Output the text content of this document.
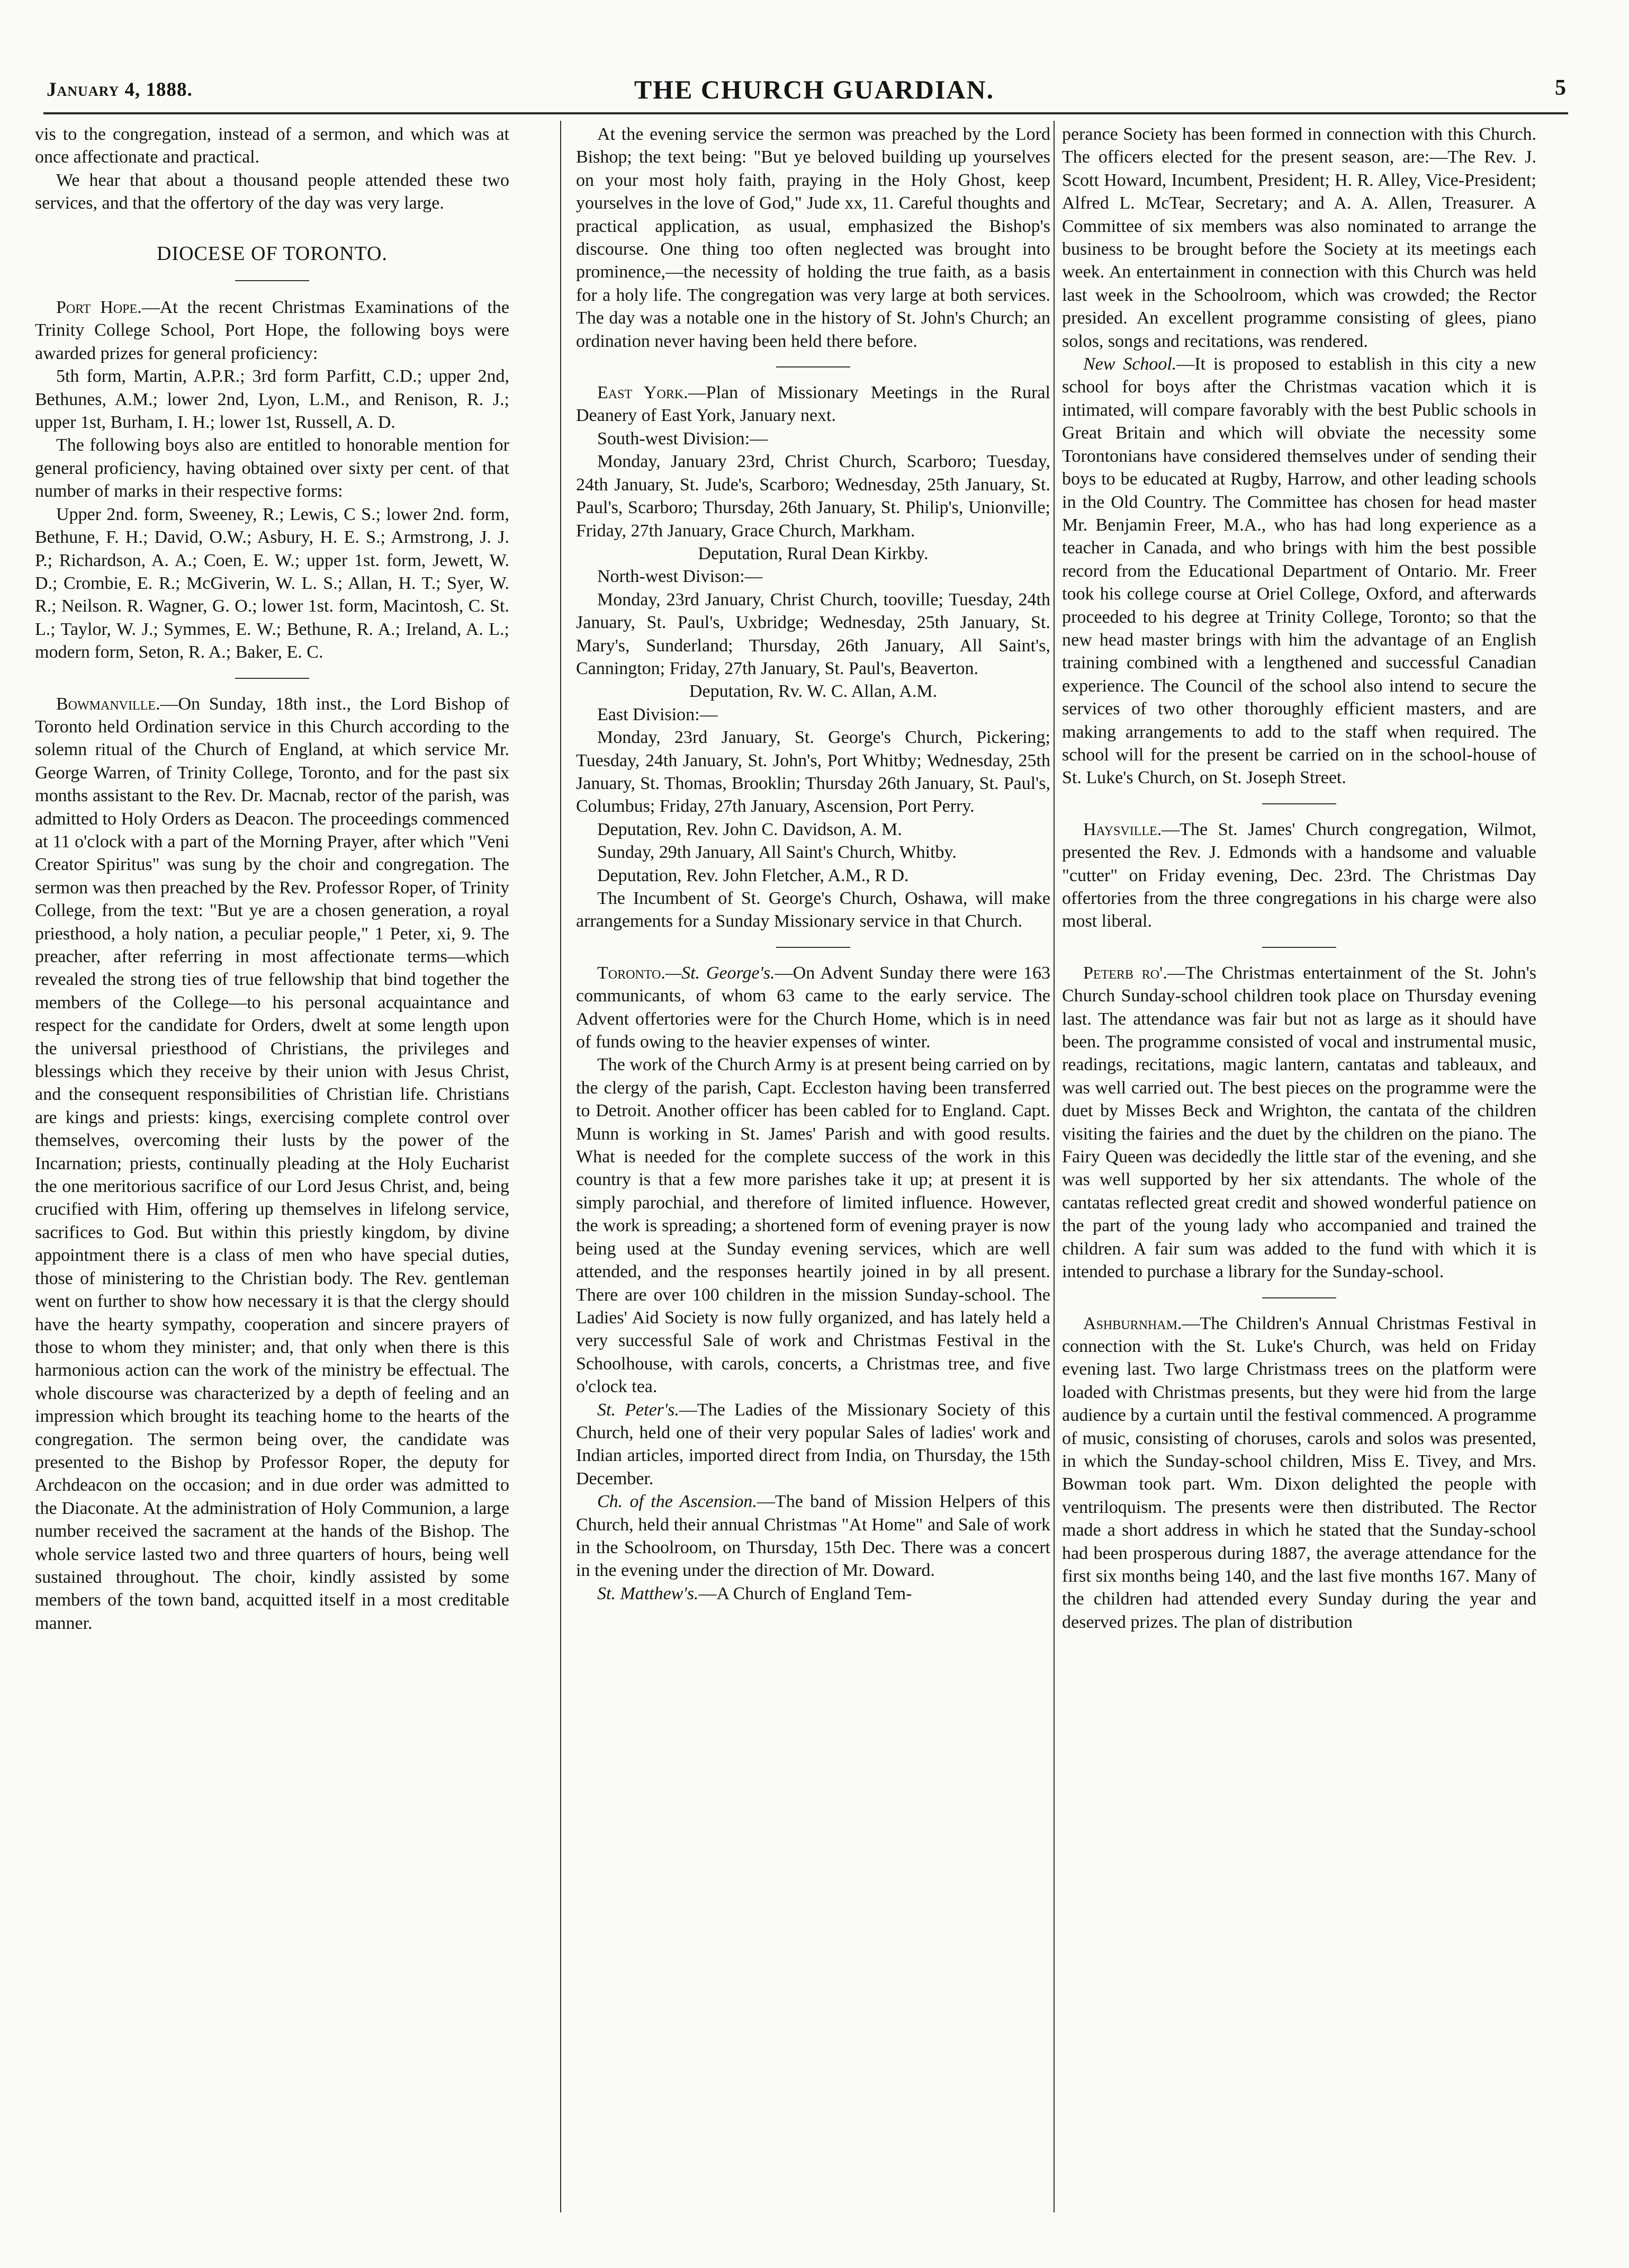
January 4, 1888.	THE CHURCH GUARDIAN.	5

vis to the congregation, instead of a sermon, and which was at once affectionate and practical.

We hear that about a thousand people attended these two services, and that the offertory of the day was very large.

DIOCESE OF TORONTO.

Port Hope.—At the recent Christmas Examinations of the Trinity College School, Port Hope, the following boys were awarded prizes for general proficiency:

5th form, Martin, A.P.R.; 3rd form Parfitt, C.D.; upper 2nd, Bethunes, A.M.; lower 2nd, Lyon, L.M., and Renison, R. J.; upper 1st, Burham, I. H.; lower 1st, Russell, A. D.

The following boys also are entitled to honorable mention for general proficiency, having obtained over sixty per cent. of that number of marks in their respective forms:

Upper 2nd. form, Sweeney, R.; Lewis, C S.; lower 2nd. form, Bethune, F. H.; David, O.W.; Asbury, H. E. S.; Armstrong, J. J. P.; Richardson, A. A.; Coen, E. W.; upper 1st. form, Jewett, W. D.; Crombie, E. R.; McGiverin, W. L. S.; Allan, H. T.; Syer, W. R.; Neilson. R. Wagner, G. O.; lower 1st. form, Macintosh, C. St. L.; Taylor, W. J.; Symmes, E. W.; Bethune, R. A.; Ireland, A. L.; modern form, Seton, R. A.; Baker, E. C.

Bowmanville.—On Sunday, 18th inst., the Lord Bishop of Toronto held Ordination service in this Church according to the solemn ritual of the Church of England, at which service Mr. George Warren, of Trinity College, Toronto, and for the past six months assistant to the Rev. Dr. Macnab, rector of the parish, was admitted to Holy Orders as Deacon. The proceedings commenced at 11 o'clock with a part of the Morning Prayer, after which "Veni Creator Spiritus" was sung by the choir and congregation. The sermon was then preached by the Rev. Professor Roper, of Trinity College, from the text: "But ye are a chosen generation, a royal priesthood, a holy nation, a peculiar people," 1 Peter, xi, 9. The preacher, after referring in most affectionate terms—which revealed the strong ties of true fellowship that bind together the members of the College—to his personal acquaintance and respect for the candidate for Orders, dwelt at some length upon the universal priesthood of Christians, the privileges and blessings which they receive by their union with Jesus Christ, and the consequent responsibilities of Christian life. Christians are kings and priests: kings, exercising complete control over themselves, overcoming their lusts by the power of the Incarnation; priests, continually pleading at the Holy Eucharist the one meritorious sacrifice of our Lord Jesus Christ, and, being crucified with Him, offering up themselves in lifelong service, sacrifices to God. But within this priestly kingdom, by divine appointment there is a class of men who have special duties, those of ministering to the Christian body. The Rev. gentleman went on further to show how necessary it is that the clergy should have the hearty sympathy, cooperation and sincere prayers of those to whom they minister; and, that only when there is this harmonious action can the work of the ministry be effectual. The whole discourse was characterized by a depth of feeling and an impression which brought its teaching home to the hearts of the congregation. The sermon being over, the candidate was presented to the Bishop by Professor Roper, the deputy for Archdeacon on the occasion; and in due order was admitted to the Diaconate. At the administration of Holy Communion, a large number received the sacrament at the hands of the Bishop. The whole service lasted two and three quarters of hours, being well sustained throughout. The choir, kindly assisted by some members of the town band, acquitted itself in a most creditable manner.

At the evening service the sermon was preached by the Lord Bishop; the text being: "But ye beloved building up yourselves on your most holy faith, praying in the Holy Ghost, keep yourselves in the love of God," Jude xx, 11. Careful thoughts and practical application, as usual, emphasized the Bishop's discourse. One thing too often neglected was brought into prominence,—the necessity of holding the true faith, as a basis for a holy life. The congregation was very large at both services. The day was a notable one in the history of St. John's Church; an ordination never having been held there before.

East York.—Plan of Missionary Meetings in the Rural Deanery of East York, January next.

South-west Division:—

Monday, January 23rd, Christ Church, Scarboro; Tuesday, 24th January, St. Jude's, Scarboro; Wednesday, 25th January, St. Paul's, Scarboro; Thursday, 26th January, St. Philip's, Unionville; Friday, 27th January, Grace Church, Markham.

Deputation, Rural Dean Kirkby.

North-west Divison:—

Monday, 23rd January, Christ Church, tooville; Tuesday, 24th January, St. Paul's, Uxbridge; Wednesday, 25th January, St. Mary's, Sunderland; Thursday, 26th January, All Saint's, Cannington; Friday, 27th January, St. Paul's, Beaverton.

Deputation, Rv. W. C. Allan, A.M.

East Division:—

Monday, 23rd January, St. George's Church, Pickering; Tuesday, 24th January, St. John's, Port Whitby; Wednesday, 25th January, St. Thomas, Brooklin; Thursday 26th January, St. Paul's, Columbus; Friday, 27th January, Ascension, Port Perry.

Deputation, Rev. John C. Davidson, A. M.

Sunday, 29th January, All Saint's Church, Whitby.

Deputation, Rev. John Fletcher, A.M., R D.

The Incumbent of St. George's Church, Oshawa, will make arrangements for a Sunday Missionary service in that Church.

Toronto.—St. George's.—On Advent Sunday there were 163 communicants, of whom 63 came to the early service. The Advent offertories were for the Church Home, which is in need of funds owing to the heavier expenses of winter.

The work of the Church Army is at present being carried on by the clergy of the parish, Capt. Eccleston having been transferred to Detroit. Another officer has been cabled for to England. Capt. Munn is working in St. James' Parish and with good results. What is needed for the complete success of the work in this country is that a few more parishes take it up; at present it is simply parochial, and therefore of limited influence. However, the work is spreading; a shortened form of evening prayer is now being used at the Sunday evening services, which are well attended, and the responses heartily joined in by all present. There are over 100 children in the mission Sunday-school. The Ladies' Aid Society is now fully organized, and has lately held a very successful Sale of work and Christmas Festival in the Schoolhouse, with carols, concerts, a Christmas tree, and five o'clock tea.

St. Peter's.—The Ladies of the Missionary Society of this Church, held one of their very popular Sales of ladies' work and Indian articles, imported direct from India, on Thursday, the 15th December.

Ch. of the Ascension.—The band of Mission Helpers of this Church, held their annual Christmas "At Home" and Sale of work in the Schoolroom, on Thursday, 15th Dec. There was a concert in the evening under the direction of Mr. Doward.

St. Matthew's.—A Church of England Tem-

perance Society has been formed in connection with this Church. The officers elected for the present season, are:—The Rev. J. Scott Howard, Incumbent, President; H. R. Alley, Vice-President; Alfred L. McTear, Secretary; and A. A. Allen, Treasurer. A Committee of six members was also nominated to arrange the business to be brought before the Society at its meetings each week. An entertainment in connection with this Church was held last week in the Schoolroom, which was crowded; the Rector presided. An excellent programme consisting of glees, piano solos, songs and recitations, was rendered.

New School.—It is proposed to establish in this city a new school for boys after the Christmas vacation which it is intimated, will compare favorably with the best Public schools in Great Britain and which will obviate the necessity some Torontonians have considered themselves under of sending their boys to be educated at Rugby, Harrow, and other leading schools in the Old Country. The Committee has chosen for head master Mr. Benjamin Freer, M.A., who has had long experience as a teacher in Canada, and who brings with him the best possible record from the Educational Department of Ontario. Mr. Freer took his college course at Oriel College, Oxford, and afterwards proceeded to his degree at Trinity College, Toronto; so that the new head master brings with him the advantage of an English training combined with a lengthened and successful Canadian experience. The Council of the school also intend to secure the services of two other thoroughly efficient masters, and are making arrangements to add to the staff when required. The school will for the present be carried on in the school-house of St. Luke's Church, on St. Joseph Street.

Haysville.—The St. James' Church congregation, Wilmot, presented the Rev. J. Edmonds with a handsome and valuable "cutter" on Friday evening, Dec. 23rd. The Christmas Day offertories from the three congregations in his charge were also most liberal.

Peterb ro'.—The Christmas entertainment of the St. John's Church Sunday-school children took place on Thursday evening last. The attendance was fair but not as large as it should have been. The programme consisted of vocal and instrumental music, readings, recitations, magic lantern, cantatas and tableaux, and was well carried out. The best pieces on the programme were the duet by Misses Beck and Wrighton, the cantata of the children visiting the fairies and the duet by the children on the piano. The Fairy Queen was decidedly the little star of the evening, and she was well supported by her six attendants. The whole of the cantatas reflected great credit and showed wonderful patience on the part of the young lady who accompanied and trained the children. A fair sum was added to the fund with which it is intended to purchase a library for the Sunday-school.

Ashburnham.—The Children's Annual Christmas Festival in connection with the St. Luke's Church, was held on Friday evening last. Two large Christmass trees on the platform were loaded with Christmas presents, but they were hid from the large audience by a curtain until the festival commenced. A programme of music, consisting of choruses, carols and solos was presented, in which the Sunday-school children, Miss E. Tivey, and Mrs. Bowman took part. Wm. Dixon delighted the people with ventriloquism. The presents were then distributed. The Rector made a short address in which he stated that the Sunday-school had been prosperous during 1887, the average attendance for the first six months being 140, and the last five months 167. Many of the children had attended every Sunday during the year and deserved prizes. The plan of distribution
